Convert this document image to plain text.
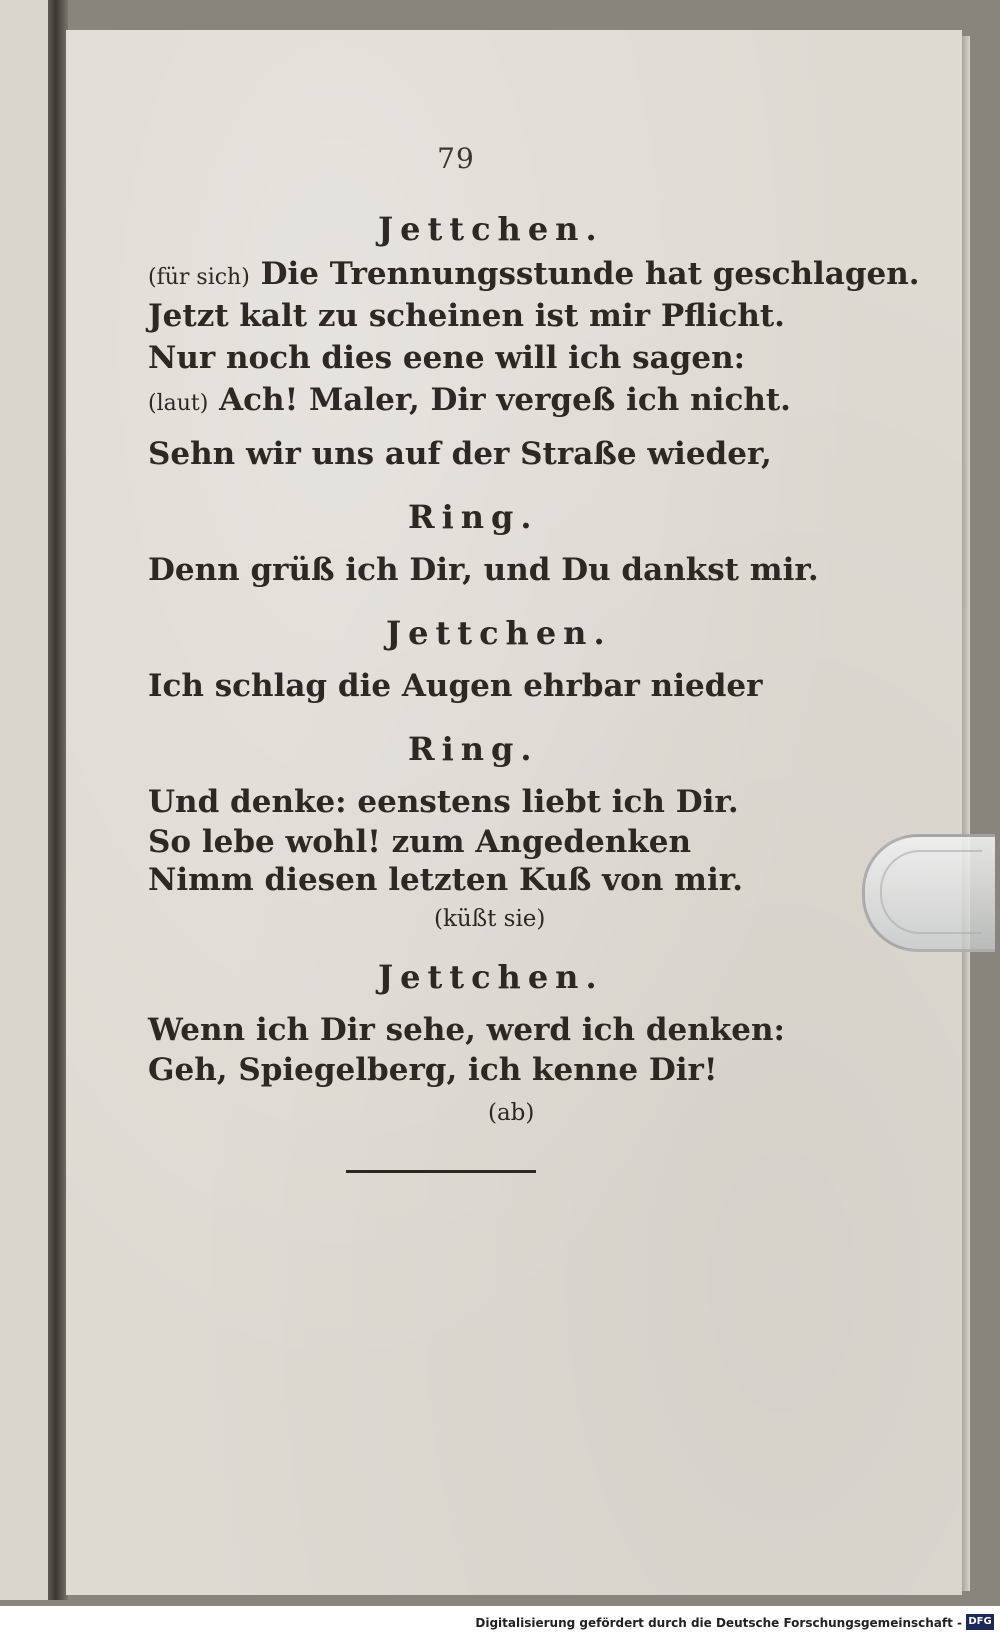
79
Jettchen.
(für sich) Die Trennungsstunde hat geschlagen.
Jetzt kalt zu scheinen ist mir Pflicht.
Nur noch dies eene will ich sagen:
(laut) Ach! Maler, Dir vergeß ich nicht.
Sehn wir uns auf der Straße wieder,
Ring.
Denn grüß ich Dir, und Du dankst mir.
Jettchen.
Ich schlag die Augen ehrbar nieder
Ring.
Und denke: eenstens liebt ich Dir.
So lebe wohl! zum Angedenken
Nimm diesen letzten Kuß von mir.
(küßt sie)
Jettchen.
Wenn ich Dir sehe, werd ich denken:
Geh, Spiegelberg, ich kenne Dir!
(ab)
Digitalisierung gefördert durch die Deutsche Forschungsgemeinschaft - DFG
